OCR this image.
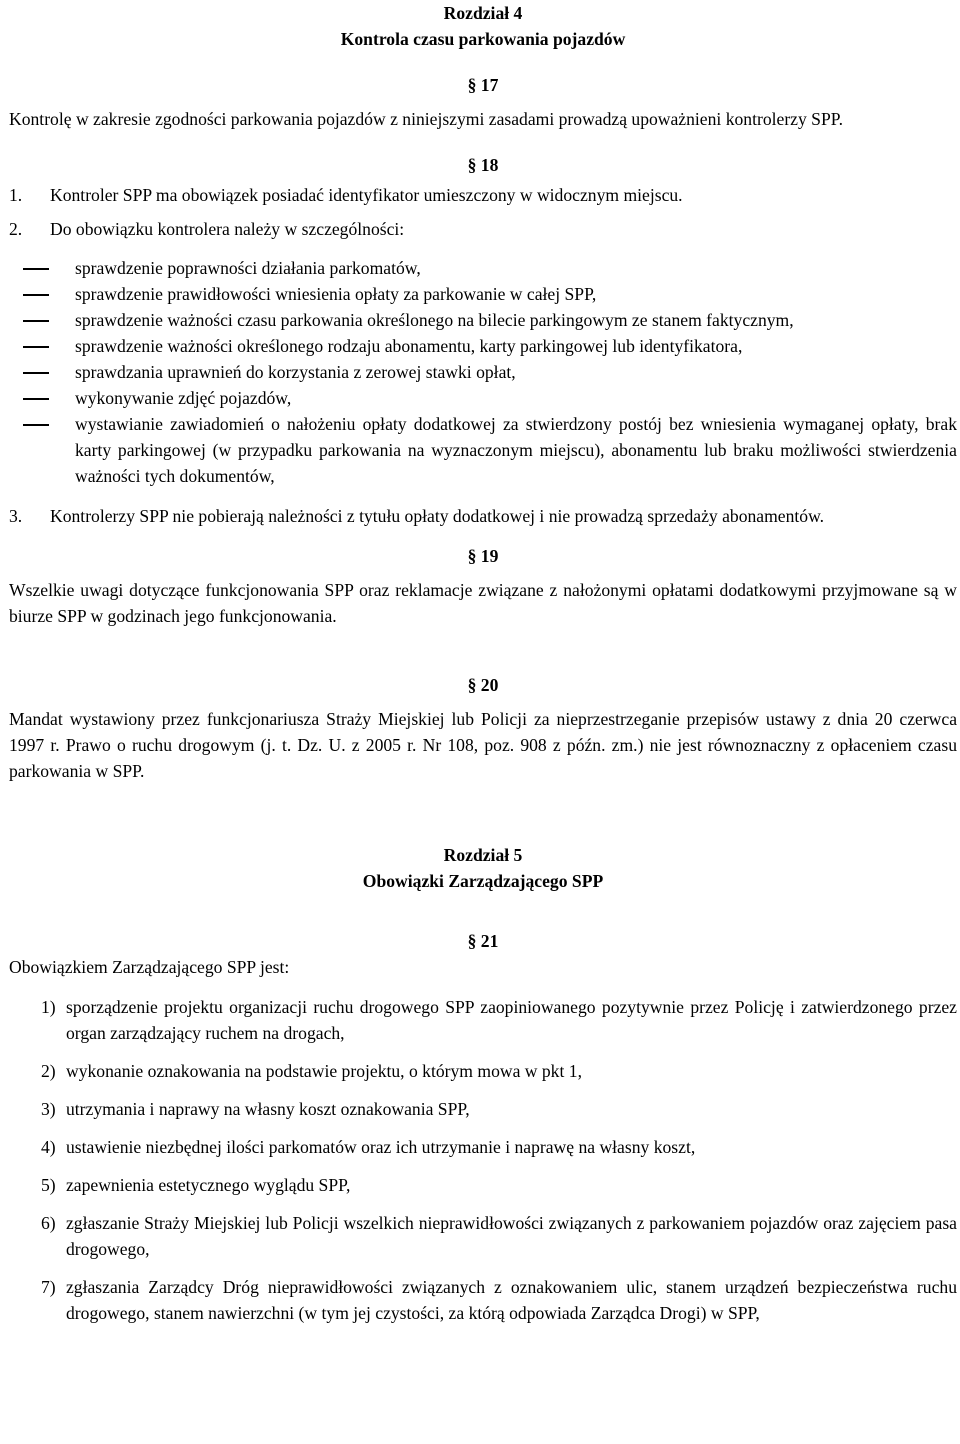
Rozdział 4
Kontrola czasu parkowania pojazdów
§ 17
Kontrolę w zakresie zgodności parkowania pojazdów z niniejszymi zasadami prowadzą upoważnieni kontrolerzy SPP.
§ 18
1. Kontroler SPP ma obowiązek posiadać identyfikator umieszczony w widocznym miejscu.
2. Do obowiązku kontrolera należy w szczególności:
sprawdzenie poprawności działania parkomatów,
sprawdzenie prawidłowości wniesienia opłaty za parkowanie w całej SPP,
sprawdzenie ważności czasu parkowania określonego na bilecie parkingowym ze stanem faktycznym,
sprawdzenie ważności określonego rodzaju abonamentu, karty parkingowej lub identyfikatora,
sprawdzania uprawnień do korzystania z zerowej stawki opłat,
wykonywanie zdjęć pojazdów,
wystawianie zawiadomień o nałożeniu opłaty dodatkowej za stwierdzony postój bez wniesienia wymaganej opłaty, brak karty parkingowej (w przypadku parkowania na wyznaczonym miejscu), abonamentu lub braku możliwości stwierdzenia ważności tych dokumentów,
3. Kontrolerzy SPP nie pobierają należności z tytułu opłaty dodatkowej i nie prowadzą sprzedaży abonamentów.
§ 19
Wszelkie uwagi dotyczące funkcjonowania SPP oraz reklamacje związane z nałożonymi opłatami dodatkowymi przyjmowane są w biurze SPP w godzinach jego funkcjonowania.
§ 20
Mandat wystawiony przez funkcjonariusza Straży Miejskiej lub Policji za nieprzestrzeganie przepisów ustawy z dnia 20 czerwca 1997 r. Prawo o ruchu drogowym (j. t. Dz. U. z 2005 r. Nr 108, poz. 908 z późn. zm.) nie jest równoznaczny z opłaceniem czasu parkowania w SPP.
Rozdział 5
Obowiązki Zarządzającego SPP
§ 21
Obowiązkiem Zarządzającego SPP jest:
1) sporządzenie projektu organizacji ruchu drogowego SPP zaopiniowanego pozytywnie przez Policję i zatwierdzonego przez organ zarządzający ruchem na drogach,
2) wykonanie oznakowania na podstawie projektu, o którym mowa w pkt 1,
3) utrzymania i naprawy na własny koszt oznakowania SPP,
4) ustawienie niezbędnej ilości parkomatów oraz ich utrzymanie i naprawę na własny koszt,
5) zapewnienia estetycznego wyglądu SPP,
6) zgłaszanie Straży Miejskiej lub Policji wszelkich nieprawidłowości związanych z parkowaniem pojazdów oraz zajęciem pasa drogowego,
7) zgłaszania Zarządcy Dróg nieprawidłowości związanych z oznakowaniem ulic, stanem urządzeń bezpieczeństwa ruchu drogowego, stanem nawierzchni (w tym jej czystości, za którą odpowiada Zarządca Drogi) w SPP,
